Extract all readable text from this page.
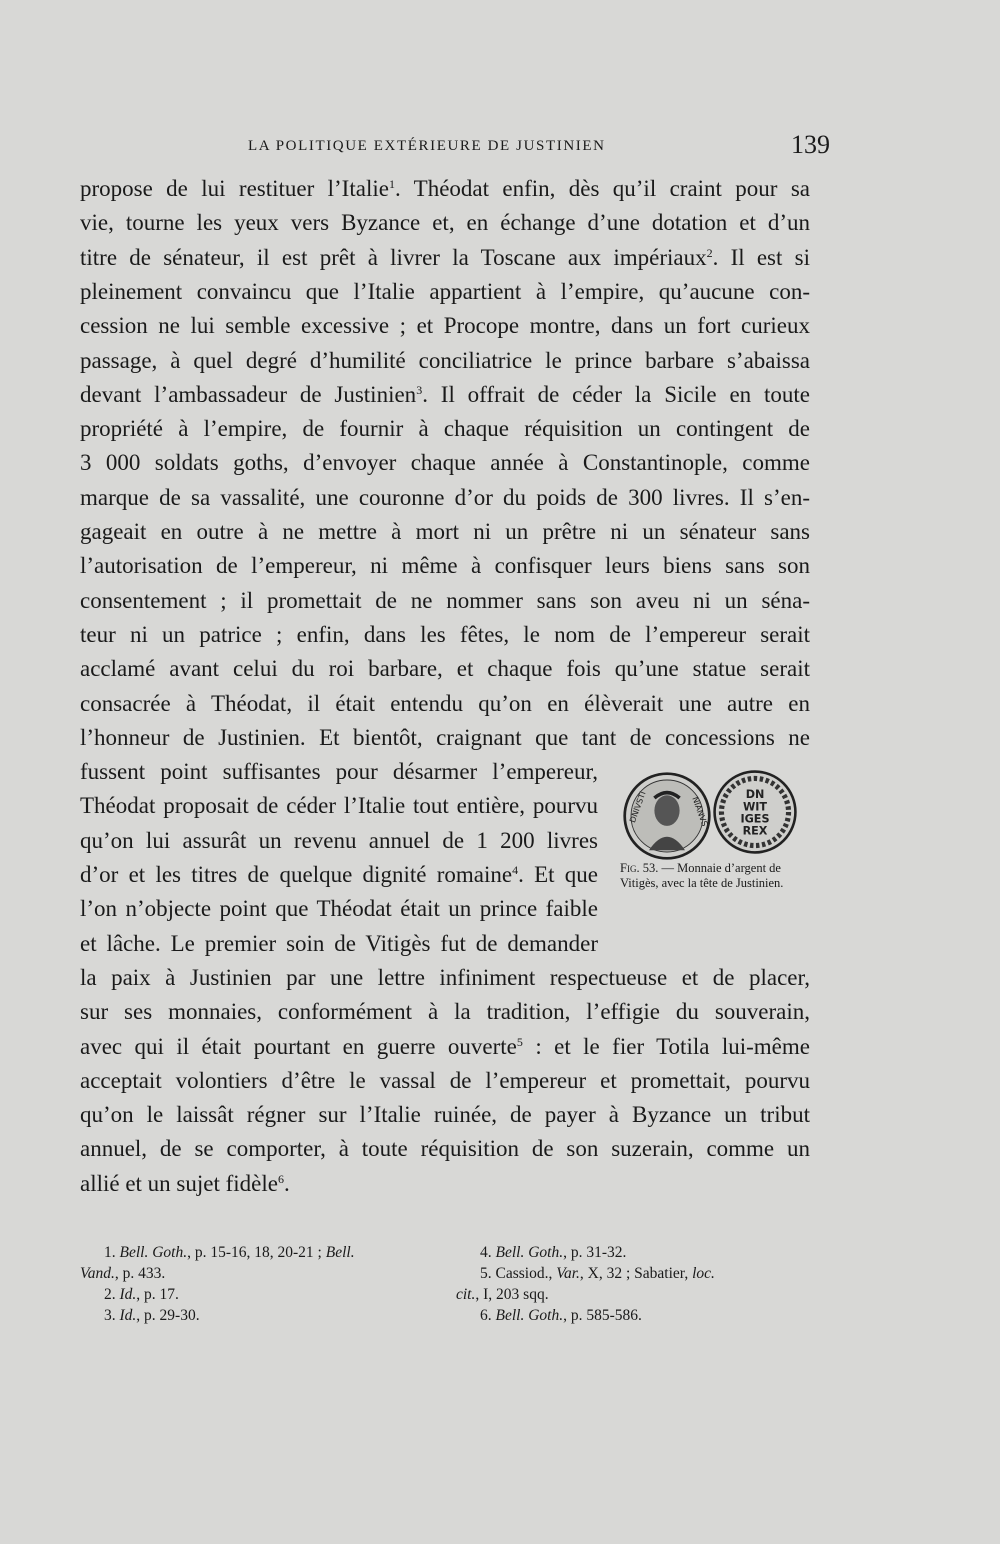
LA POLITIQUE EXTÉRIEURE DE JUSTINIEN	139
propose de lui restituer l’Italie$^1$. Théodat enfin, dès qu’il craint pour sa
vie, tourne les yeux vers Byzance et, en échange d’une dotation et d’un
titre de sénateur, il est prêt à livrer la Toscane aux impériaux$^2$. Il est si
pleinement convaincu que l’Italie appartient à l’empire, qu’aucune con-
cession ne lui semble excessive ; et Procope montre, dans un fort curieux
passage, à quel degré d’humilité conciliatrice le prince barbare s’abaissa
devant l’ambassadeur de Justinien$^3$. Il offrait de céder la Sicile en toute
propriété à l’empire, de fournir à chaque réquisition un contingent de
3 000 soldats goths, d’envoyer chaque année à Constantinople, comme
marque de sa vassalité, une couronne d’or du poids de 300 livres. Il s’en-
gageait en outre à ne mettre à mort ni un prêtre ni un sénateur sans
l’autorisation de l’empereur, ni même à confisquer leurs biens sans son
consentement ; il promettait de ne nommer sans son aveu ni un séna-
teur ni un patrice ; enfin, dans les fêtes, le nom de l’empereur serait
acclamé avant celui du roi barbare, et chaque fois qu’une statue serait
consacrée à Théodat, il était entendu qu’on en élèverait une autre en
l’honneur de Justinien. Et bientôt, craignant que tant de concessions ne
fussent point suffisantes pour désarmer l’empereur,
Théodat proposait de céder l’Italie tout entière, pourvu
qu’on lui assurât un revenu annuel de 1 200 livres
d’or et les titres de quelque dignité romaine$^4$. Et que
l’on n’objecte point que Théodat était un prince faible
et lâche. Le premier soin de Vitigès fut de demander
la paix à Justinien par une lettre infiniment respectueuse et de placer,
sur ses monnaies, conformément à la tradition, l’effigie du souverain,
avec qui il était pourtant en guerre ouverte$^5$ : et le fier Totila lui-même
acceptait volontiers d’être le vassal de l’empereur et promettait, pourvu
qu’on le laissât régner sur l’Italie ruinée, de payer à Byzance un tribut
annuel, de se comporter, à toute réquisition de son suzerain, comme un
allié et un sujet fidèle$^6$.
DNIVSTI	NIANVS
DN
WIT
IGES
REX
Fig. 53. — Monnaie d’argent de Vitigès, avec la tête de Justinien.
1. Bell. Goth., p. 15-16, 18, 20-21 ; Bell.
Vand., p. 433.
2. Id., p. 17.
3. Id., p. 29-30.
4. Bell. Goth., p. 31-32.
5. Cassiod., Var., X, 32 ; Sabatier, loc.
cit., I, 203 sqq.
6. Bell. Goth., p. 585-586.
